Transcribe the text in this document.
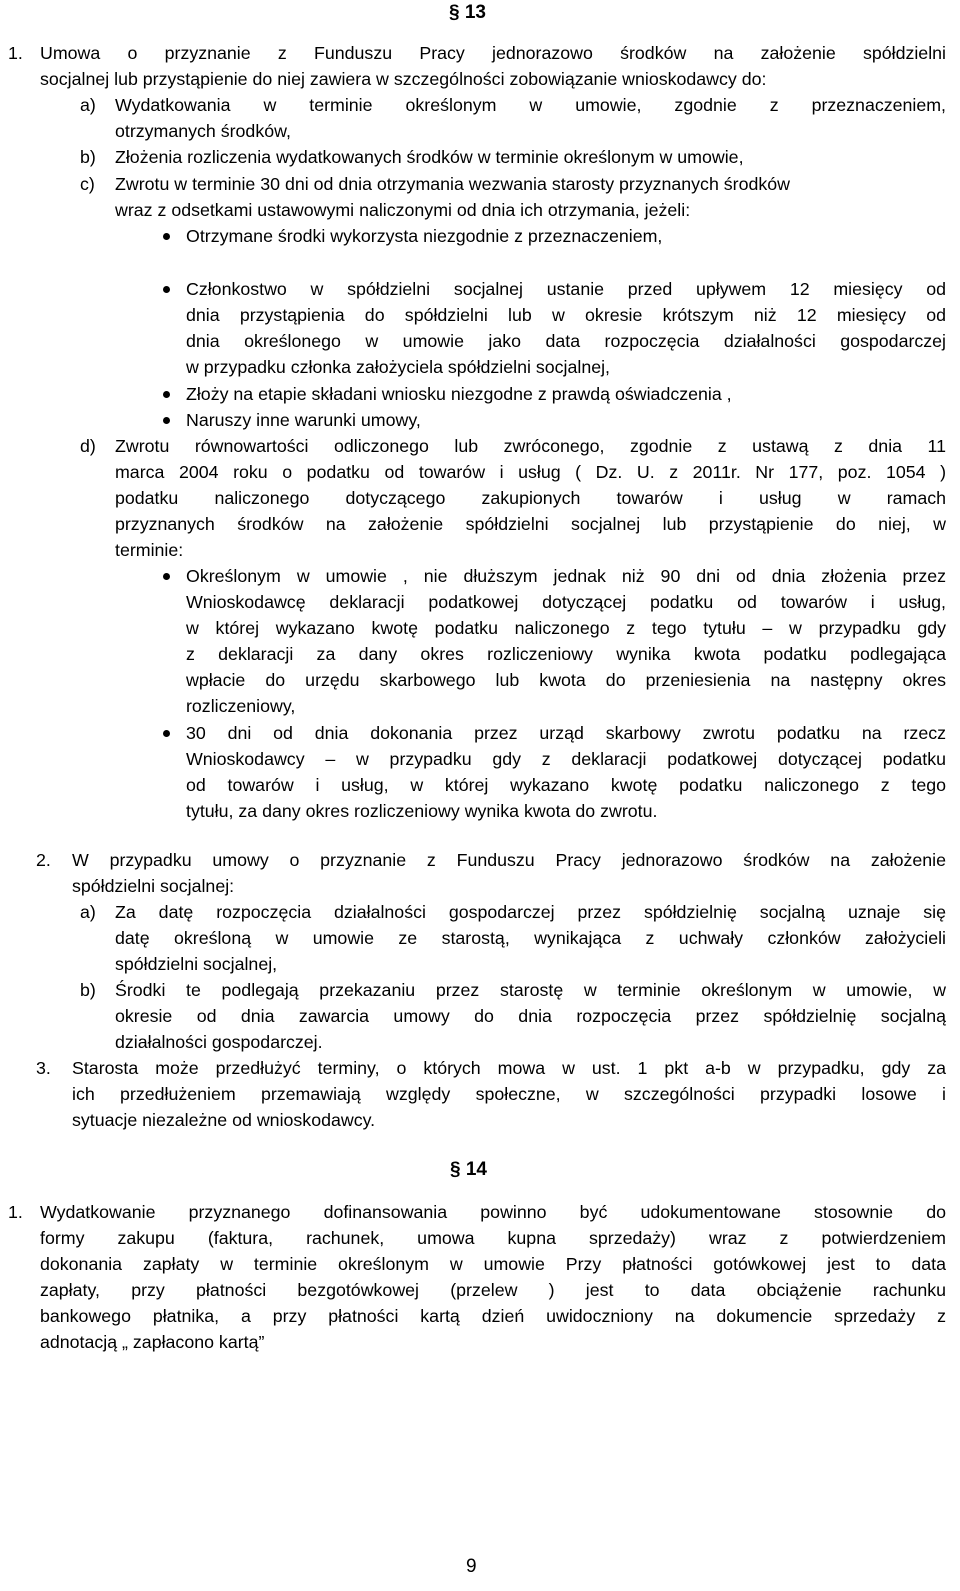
§ 13
1. Umowa o przyznanie z Funduszu Pracy jednorazowo środków na założenie spółdzielni
socjalnej lub przystąpienie do niej zawiera w szczególności zobowiązanie wnioskodawcy do:
a) Wydatkowania w terminie określonym w umowie, zgodnie z przeznaczeniem,
otrzymanych środków,
b) Złożenia rozliczenia wydatkowanych środków w terminie określonym w umowie,
c) Zwrotu w terminie 30 dni od dnia otrzymania wezwania starosty przyznanych środków
wraz z odsetkami ustawowymi naliczonymi od dnia ich otrzymania, jeżeli:
Otrzymane środki wykorzysta niezgodnie z przeznaczeniem,
Członkostwo w spółdzielni socjalnej ustanie przed upływem 12 miesięcy od
dnia przystąpienia do spółdzielni lub w okresie krótszym niż 12 miesięcy od
dnia określonego w umowie jako data rozpoczęcia działalności gospodarczej
w przypadku członka założyciela spółdzielni socjalnej,
Złoży na etapie składani wniosku niezgodne z prawdą oświadczenia ,
Naruszy inne warunki umowy,
d) Zwrotu równowartości odliczonego lub zwróconego, zgodnie z ustawą z dnia 11
marca 2004 roku o podatku od towarów i usług ( Dz. U. z 2011r. Nr 177, poz. 1054 )
podatku naliczonego dotyczącego zakupionych towarów i usług w ramach
przyznanych środków na założenie spółdzielni socjalnej lub przystąpienie do niej, w
terminie:
Określonym w umowie , nie dłuższym jednak niż 90 dni od dnia złożenia przez
Wnioskodawcę deklaracji podatkowej dotyczącej podatku od towarów i usług,
w której wykazano kwotę podatku naliczonego z tego tytułu – w przypadku gdy
z deklaracji za dany okres rozliczeniowy wynika kwota podatku podlegająca
wpłacie do urzędu skarbowego lub kwota do przeniesienia na następny okres
rozliczeniowy,
30 dni od dnia dokonania przez urząd skarbowy zwrotu podatku na rzecz
Wnioskodawcy – w przypadku gdy z deklaracji podatkowej dotyczącej podatku
od towarów i usług, w której wykazano kwotę podatku naliczonego z tego
tytułu, za dany okres rozliczeniowy wynika kwota do zwrotu.
2. W przypadku umowy o przyznanie z Funduszu Pracy jednorazowo środków na założenie
spółdzielni socjalnej:
a) Za datę rozpoczęcia działalności gospodarczej przez spółdzielnię socjalną uznaje się
datę określoną w umowie ze starostą, wynikająca z uchwały członków założycieli
spółdzielni socjalnej,
b) Środki te podlegają przekazaniu przez starostę w terminie określonym w umowie, w
okresie od dnia zawarcia umowy do dnia rozpoczęcia przez spółdzielnię socjalną
działalności gospodarczej.
3. Starosta może przedłużyć terminy, o których mowa w ust. 1 pkt a-b w przypadku, gdy za
ich przedłużeniem przemawiają względy społeczne, w szczególności przypadki losowe i
sytuacje niezależne od wnioskodawcy.
§ 14
1. Wydatkowanie przyznanego dofinansowania powinno być udokumentowane stosownie do
formy zakupu (faktura, rachunek, umowa kupna sprzedaży) wraz z potwierdzeniem
dokonania zapłaty w terminie określonym w umowie Przy płatności gotówkowej jest to data
zapłaty, przy płatności bezgotówkowej (przelew ) jest to data obciążenie rachunku
bankowego płatnika, a przy płatności kartą dzień uwidoczniony na dokumencie sprzedaży z
adnotacją „ zapłacono kartą”
9
